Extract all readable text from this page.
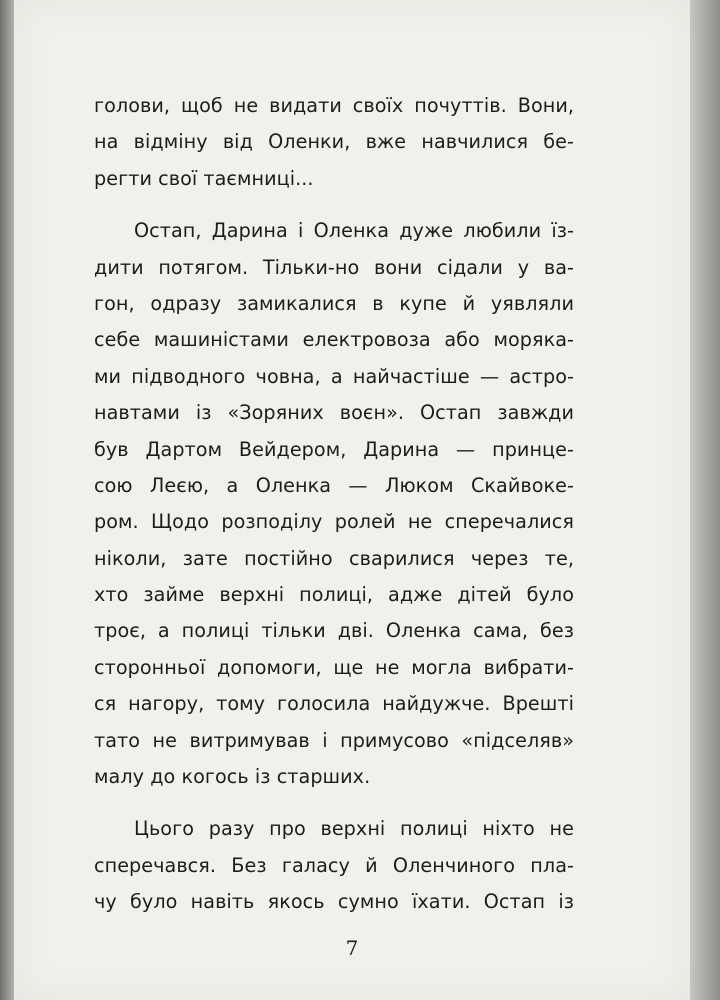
голови, щоб не видати своїх почуттів. Вони,
на відміну від Оленки, вже навчилися бе-
регти свої таємниці...
Остап, Дарина і Оленка дуже любили їз-
дити потягом. Тільки-но вони сідали у ва-
гон, одразу замикалися в купе й уявляли
себе машиністами електровоза або моряка-
ми підводного човна, а найчастіше — астро-
навтами із «Зоряних воєн». Остап завжди
був Дартом Вейдером, Дарина — принце-
сою Леєю, а Оленка — Люком Скайвоке-
ром. Щодо розподілу ролей не сперечалися
ніколи, зате постійно сварилися через те,
хто займе верхні полиці, адже дітей було
троє, а полиці тільки дві. Оленка сама, без
сторонньої допомоги, ще не могла вибрати-
ся нагору, тому голосила найдужче. Врешті
тато не витримував і примусово «підселяв»
малу до когось із старших.
Цього разу про верхні полиці ніхто не
сперечався. Без галасу й Оленчиного пла-
чу було навіть якось сумно їхати. Остап із
7
